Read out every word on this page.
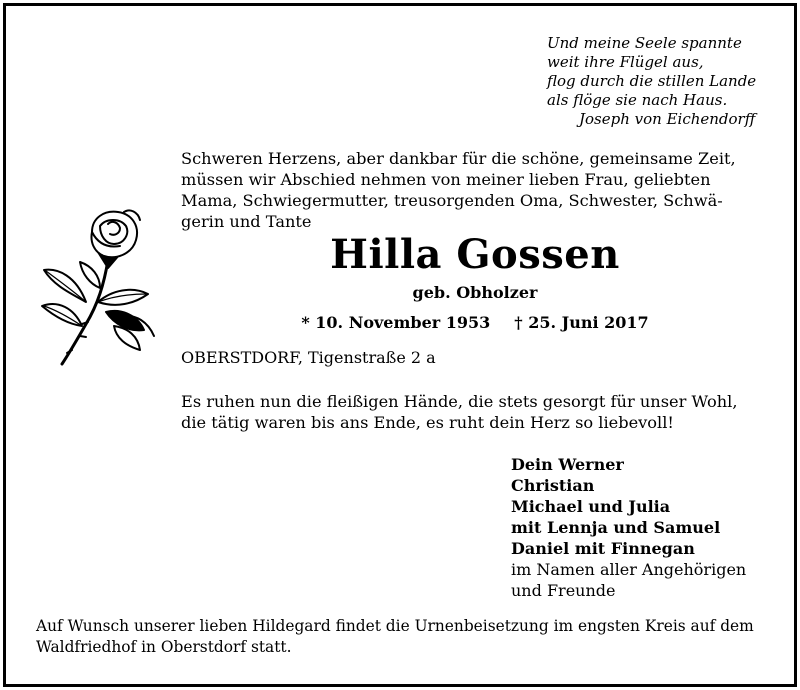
Und meine Seele spannte
weit ihre Flügel aus,
flog durch die stillen Lande
als flöge sie nach Haus.
Joseph von Eichendorff
Schweren Herzens, aber dankbar für die schöne, gemeinsame Zeit,
müssen wir Abschied nehmen von meiner lieben Frau, geliebten
Mama, Schwiegermutter, treusorgenden Oma, Schwester, Schwä-
gerin und Tante
Hilla Gossen
geb. Obholzer
* 10. November 1953 † 25. Juni 2017
OBERSTDORF, Tigenstraße 2 a
Es ruhen nun die fleißigen Hände, die stets gesorgt für unser Wohl,
die tätig waren bis ans Ende, es ruht dein Herz so liebevoll!
Dein Werner
Christian
Michael und Julia
mit Lennja und Samuel
Daniel mit Finnegan
im Namen aller Angehörigen
und Freunde
Auf Wunsch unserer lieben Hildegard findet die Urnenbeisetzung im engsten Kreis auf dem
Waldfriedhof in Oberstdorf statt.
